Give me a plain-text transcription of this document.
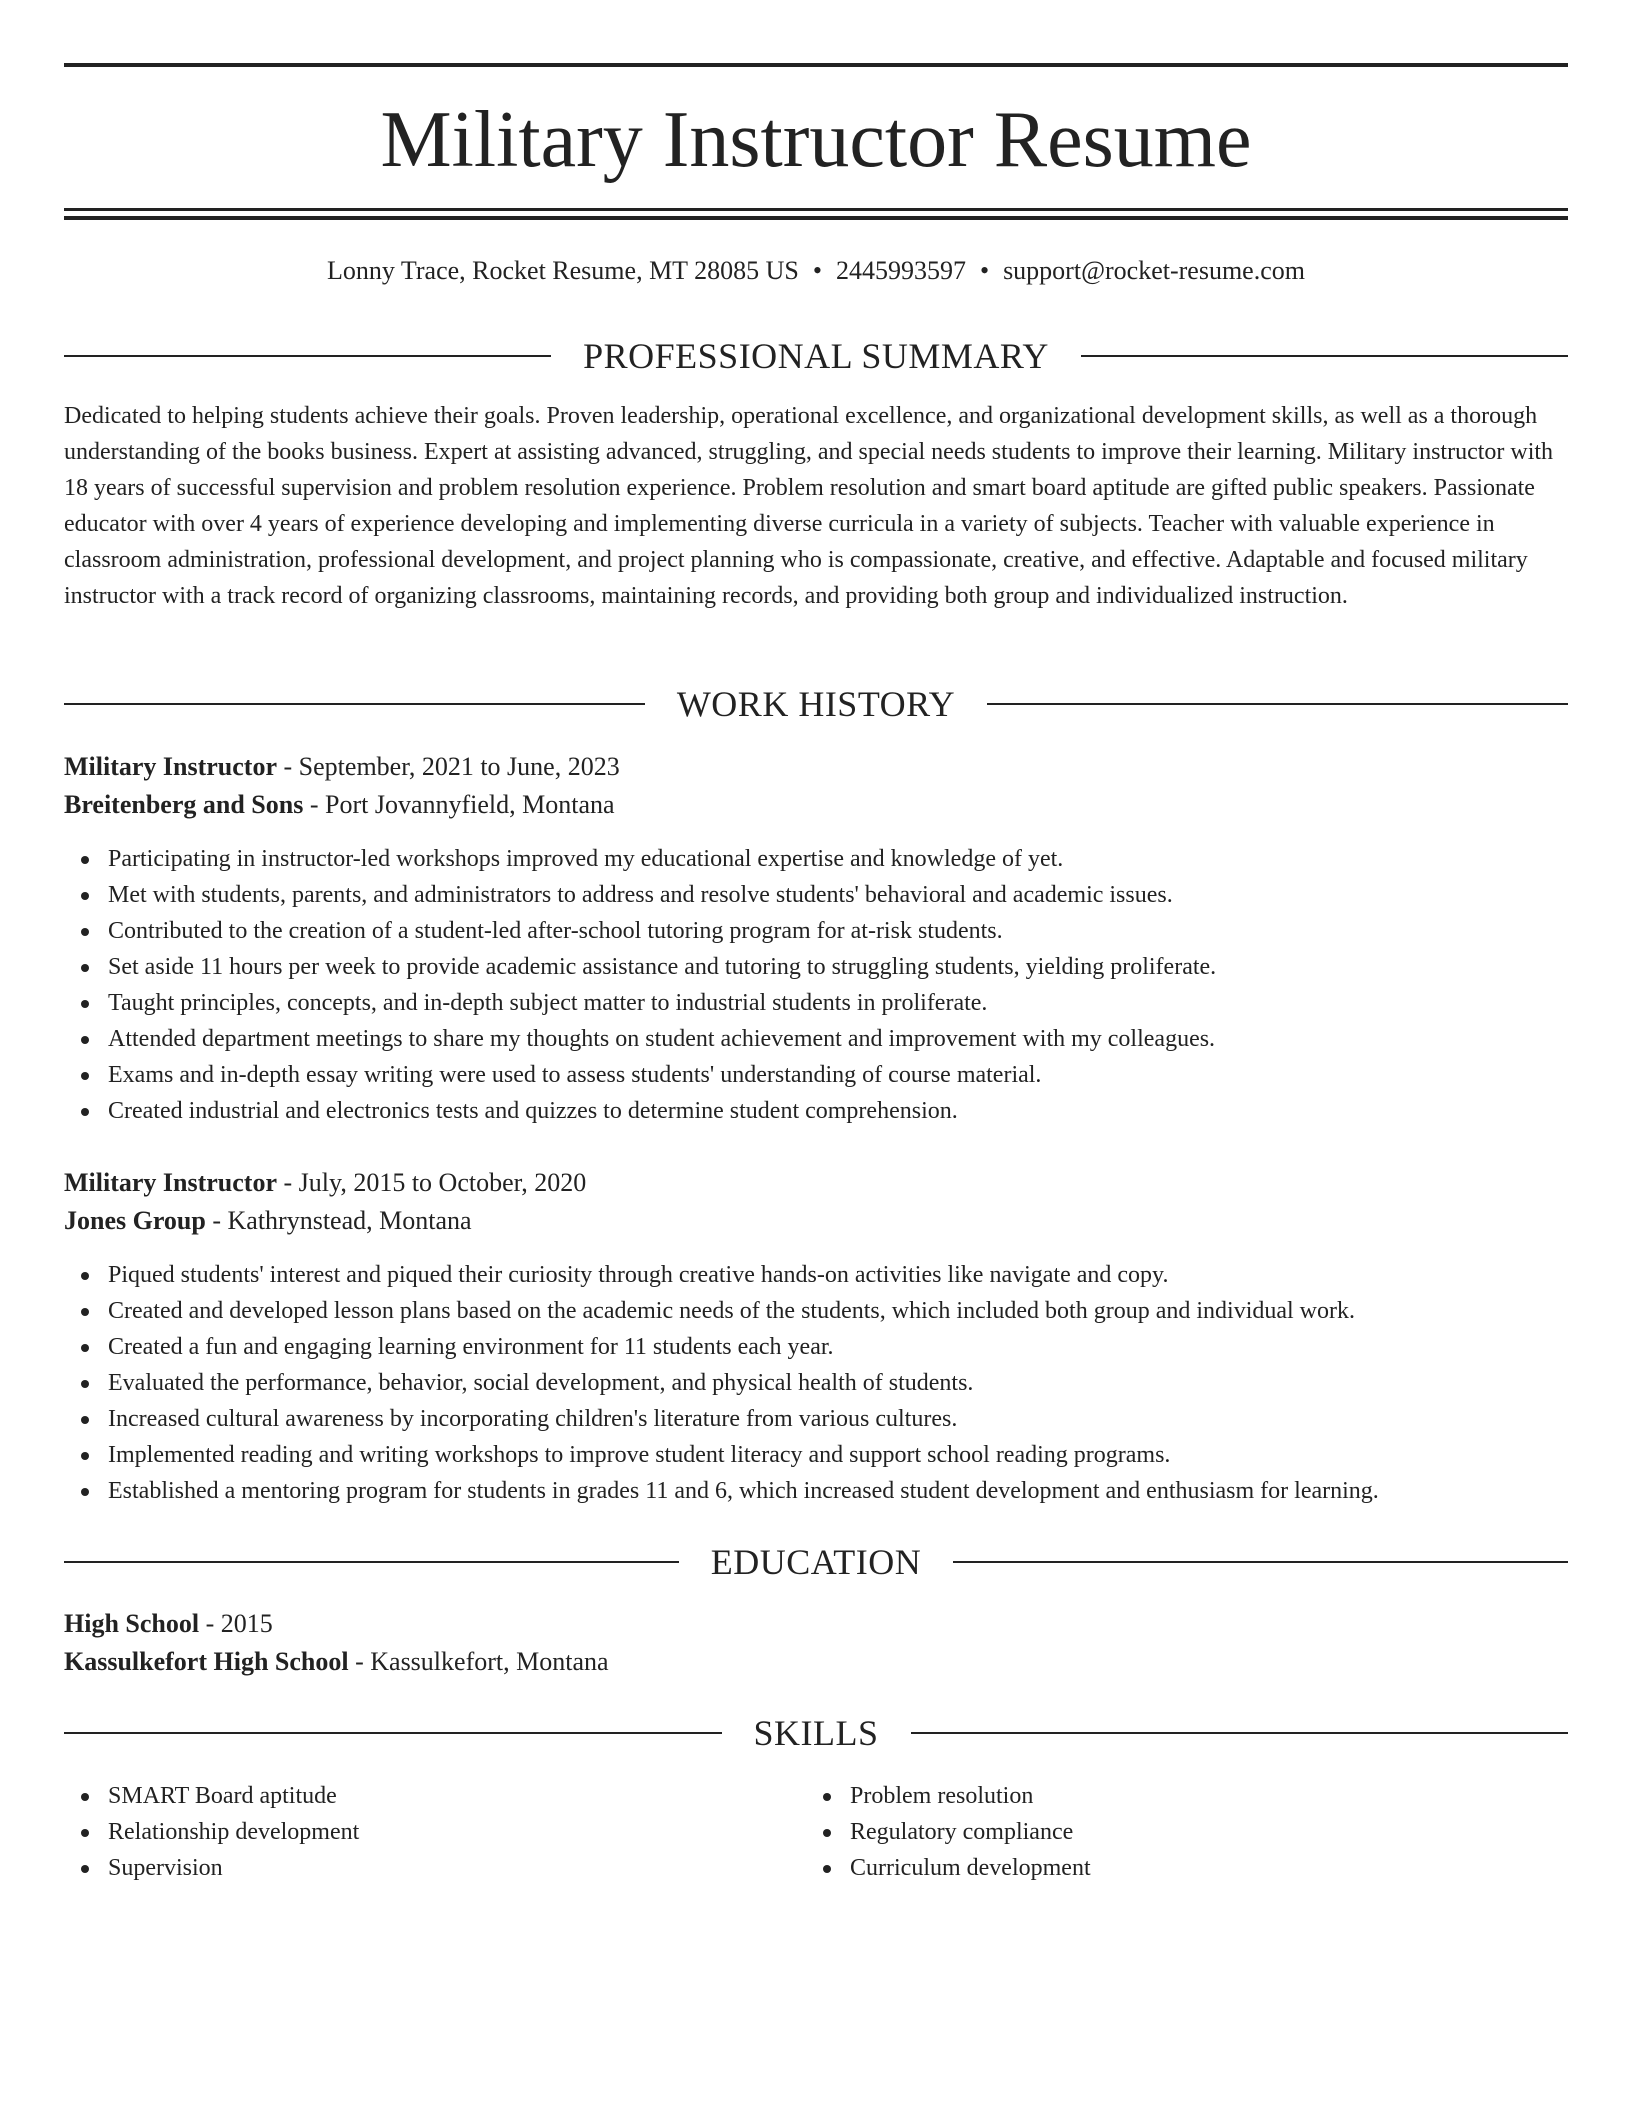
Military Instructor Resume
Lonny Trace, Rocket Resume, MT 28085 US • 2445993597 • support@rocket-resume.com
PROFESSIONAL SUMMARY

Dedicated to helping students achieve their goals. Proven leadership, operational excellence, and organizational development skills, as well as a thorough understanding of the books business. Expert at assisting advanced, struggling, and special needs students to improve their learning. Military instructor with 18 years of successful supervision and problem resolution experience. Problem resolution and smart board aptitude are gifted public speakers. Passionate educator with over 4 years of experience developing and implementing diverse curricula in a variety of subjects. Teacher with valuable experience in classroom administration, professional development, and project planning who is compassionate, creative, and effective. Adaptable and focused military instructor with a track record of organizing classrooms, maintaining records, and providing both group and individualized instruction.

WORK HISTORY
Military Instructor - September, 2021 to June, 2023
Breitenberg and Sons - Port Jovannyfield, Montana
Participating in instructor-led workshops improved my educational expertise and knowledge of yet.
Met with students, parents, and administrators to address and resolve students' behavioral and academic issues.
Contributed to the creation of a student-led after-school tutoring program for at-risk students.
Set aside 11 hours per week to provide academic assistance and tutoring to struggling students, yielding proliferate.
Taught principles, concepts, and in-depth subject matter to industrial students in proliferate.
Attended department meetings to share my thoughts on student achievement and improvement with my colleagues.
Exams and in-depth essay writing were used to assess students' understanding of course material.
Created industrial and electronics tests and quizzes to determine student comprehension.
Military Instructor - July, 2015 to October, 2020
Jones Group - Kathrynstead, Montana
Piqued students' interest and piqued their curiosity through creative hands-on activities like navigate and copy.
Created and developed lesson plans based on the academic needs of the students, which included both group and individual work.
Created a fun and engaging learning environment for 11 students each year.
Evaluated the performance, behavior, social development, and physical health of students.
Increased cultural awareness by incorporating children's literature from various cultures.
Implemented reading and writing workshops to improve student literacy and support school reading programs.
Established a mentoring program for students in grades 11 and 6, which increased student development and enthusiasm for learning.
EDUCATION
High School - 2015
Kassulkefort High School - Kassulkefort, Montana
SKILLS
SMART Board aptitude
Relationship development
Supervision
Problem resolution
Regulatory compliance
Curriculum development
